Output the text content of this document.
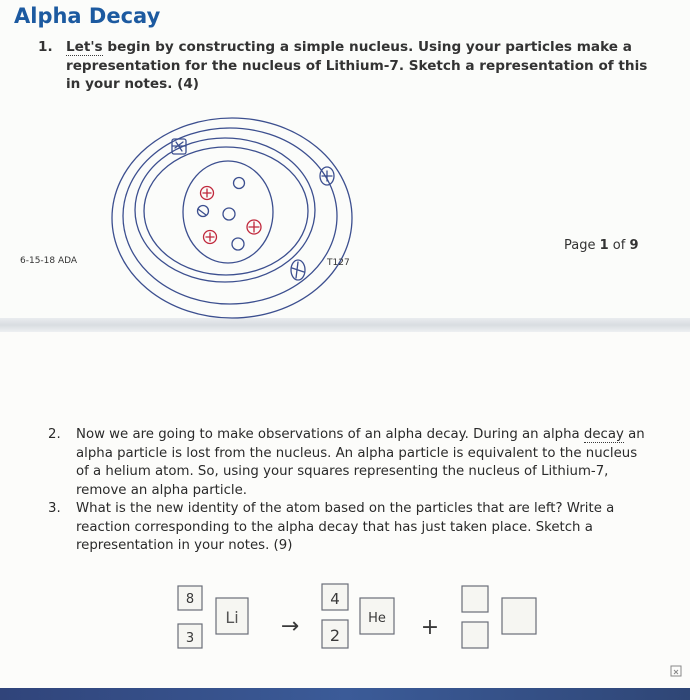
Alpha Decay
1. Let's begin by constructing a simple nucleus. Using your particles make a representation for the nucleus of Lithium-7. Sketch a representation of this in your notes. (4)
6-15-18 ADA
Page 1 of 9
T127
2. Now we are going to make observations of an alpha decay. During an alpha decay an alpha particle is lost from the nucleus. An alpha particle is equivalent to the nucleus of a helium atom. So, using your squares representing the nucleus of Lithium-7, remove an alpha particle.
3. What is the new identity of the atom based on the particles that are left? Write a reaction corresponding to the alpha decay that has just taken place. Sketch a representation in your notes. (9)
8
3
Li →
4
2
He +
